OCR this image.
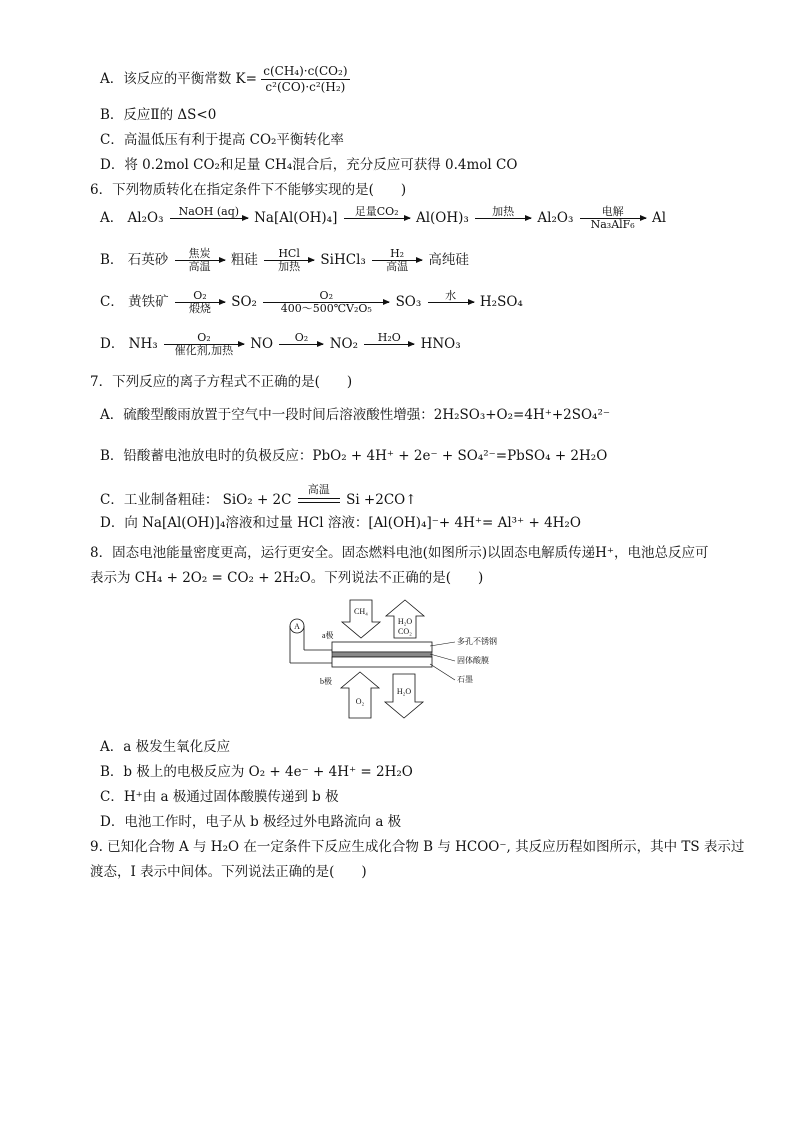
A．该反应的平衡常数 $K= \frac{\text{c(CH₄)·c(CO₂)}}{\text{c²(CO)·c²(H₂)}}$
B．反应Ⅱ的 ΔS<0
C．高温低压有利于提高 CO₂平衡转化率
D．将 0.2mol CO₂和足量 CH₄混合后，充分反应可获得 0.4mol CO
6．下列物质转化在指定条件下不能够实现的是(　　)
A． Al₂O₃	NaOH (aq)
	Na[Al(OH)₄]	足量CO₂
	Al(OH)₃	加热
	Al₂O₃	电解
Na₃AlF₆	Al
B． 石英砂	焦炭
高温	粗硅	HCl
加热	SiHCl₃	H₂
高温	高纯硅
C． 黄铁矿	O₂
煅烧	$SO_2 \frac{\text{O₂}}{\text{400～500℃V₂O₅}} SO_3$	水
	H₂SO₄
D． NH₃	O₂
催化剂,加热	NO	O₂
	NO₂	H₂O
	HNO₃
7．下列反应的离子方程式不正确的是(　　)
A．硫酸型酸雨放置于空气中一段时间后溶液酸性增强：2H₂SO₃+O₂=4H⁺+2SO₄²⁻
B．铅酸蓄电池放电时的负极反应：PbO₂ + 4H⁺ + 2e⁻ + SO₄²⁻=PbSO₄ + 2H₂O
C．工业制备粗硅： SiO₂ + 2C
高温
Si +2CO↑
D．向 Na[Al(OH)]₄溶液和过量 HCl 溶液：[Al(OH)₄]⁻+ 4H⁺= Al³⁺ + 4H₂O
8．固态电池能量密度更高，运行更安全。固态燃料电池(如图所示)以固态电解质传递H⁺，电池总反应可
表示为 CH₄ + 2O₂ = CO₂ + 2H₂O。下列说法不正确的是(　　)
A
a极
b极
CH₄
H₂O
CO₂
O₂
H₂O
多孔不锈钢
固体酸膜
石墨
A．a 极发生氧化反应
B．b 极上的电极反应为 O₂ + 4e⁻ + 4H⁺ = 2H₂O
C．H⁺由 a 极通过固体酸膜传递到 b 极
D．电池工作时，电子从 b 极经过外电路流向 a 极
9. 已知化合物 A 与 H₂O 在一定条件下反应生成化合物 B 与 HCOO⁻, 其反应历程如图所示，其中 TS 表示过
渡态，I 表示中间体。下列说法正确的是(　　)
